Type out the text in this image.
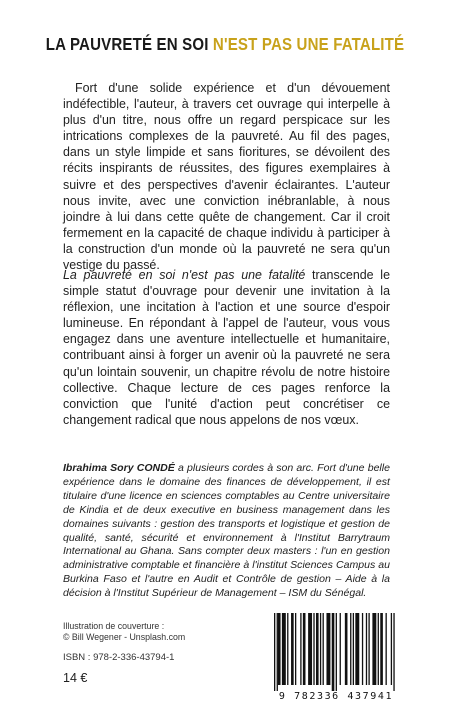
LA PAUVRETÉ EN SOI N'EST PAS UNE FATALITÉ
Fort d'une solide expérience et d'un dévouement indéfectible, l'auteur, à travers cet ouvrage qui interpelle à plus d'un titre, nous offre un regard perspicace sur les intrications complexes de la pauvreté. Au fil des pages, dans un style limpide et sans fioritures, se dévoilent des récits inspirants de réussites, des figures exemplaires à suivre et des perspectives d'avenir éclairantes. L'auteur nous invite, avec une conviction inébranlable, à nous joindre à lui dans cette quête de changement. Car il croit fermement en la capacité de chaque individu à participer à la construction d'un monde où la pauvreté ne sera qu'un vestige du passé.
La pauvreté en soi n'est pas une fatalité transcende le simple statut d'ouvrage pour devenir une invitation à la réflexion, une incitation à l'action et une source d'espoir lumineuse. En répondant à l'appel de l'auteur, vous vous engagez dans une aventure intellectuelle et humanitaire, contribuant ainsi à forger un avenir où la pauvreté ne sera qu'un lointain souvenir, un chapitre révolu de notre histoire collective. Chaque lecture de ces pages renforce la conviction que l'unité d'action peut concrétiser ce changement radical que nous appelons de nos vœux.
Ibrahima Sory CONDÉ a plusieurs cordes à son arc. Fort d'une belle expérience dans le domaine des finances de développement, il est titulaire d'une licence en sciences comptables au Centre universitaire de Kindia et de deux executive en business management dans les domaines suivants : gestion des transports et logistique et gestion de qualité, santé, sécurité et environnement à l'Institut Barrytraum International au Ghana. Sans compter deux masters : l'un en gestion administrative comptable et financière à l'institut Sciences Campus au Burkina Faso et l'autre en Audit et Contrôle de gestion – Aide à la décision à l'Institut Supérieur de Management – ISM du Sénégal.
Illustration de couverture :
© Bill Wegener - Unsplash.com
ISBN : 978-2-336-43794-1
14 €
9 782336 437941
